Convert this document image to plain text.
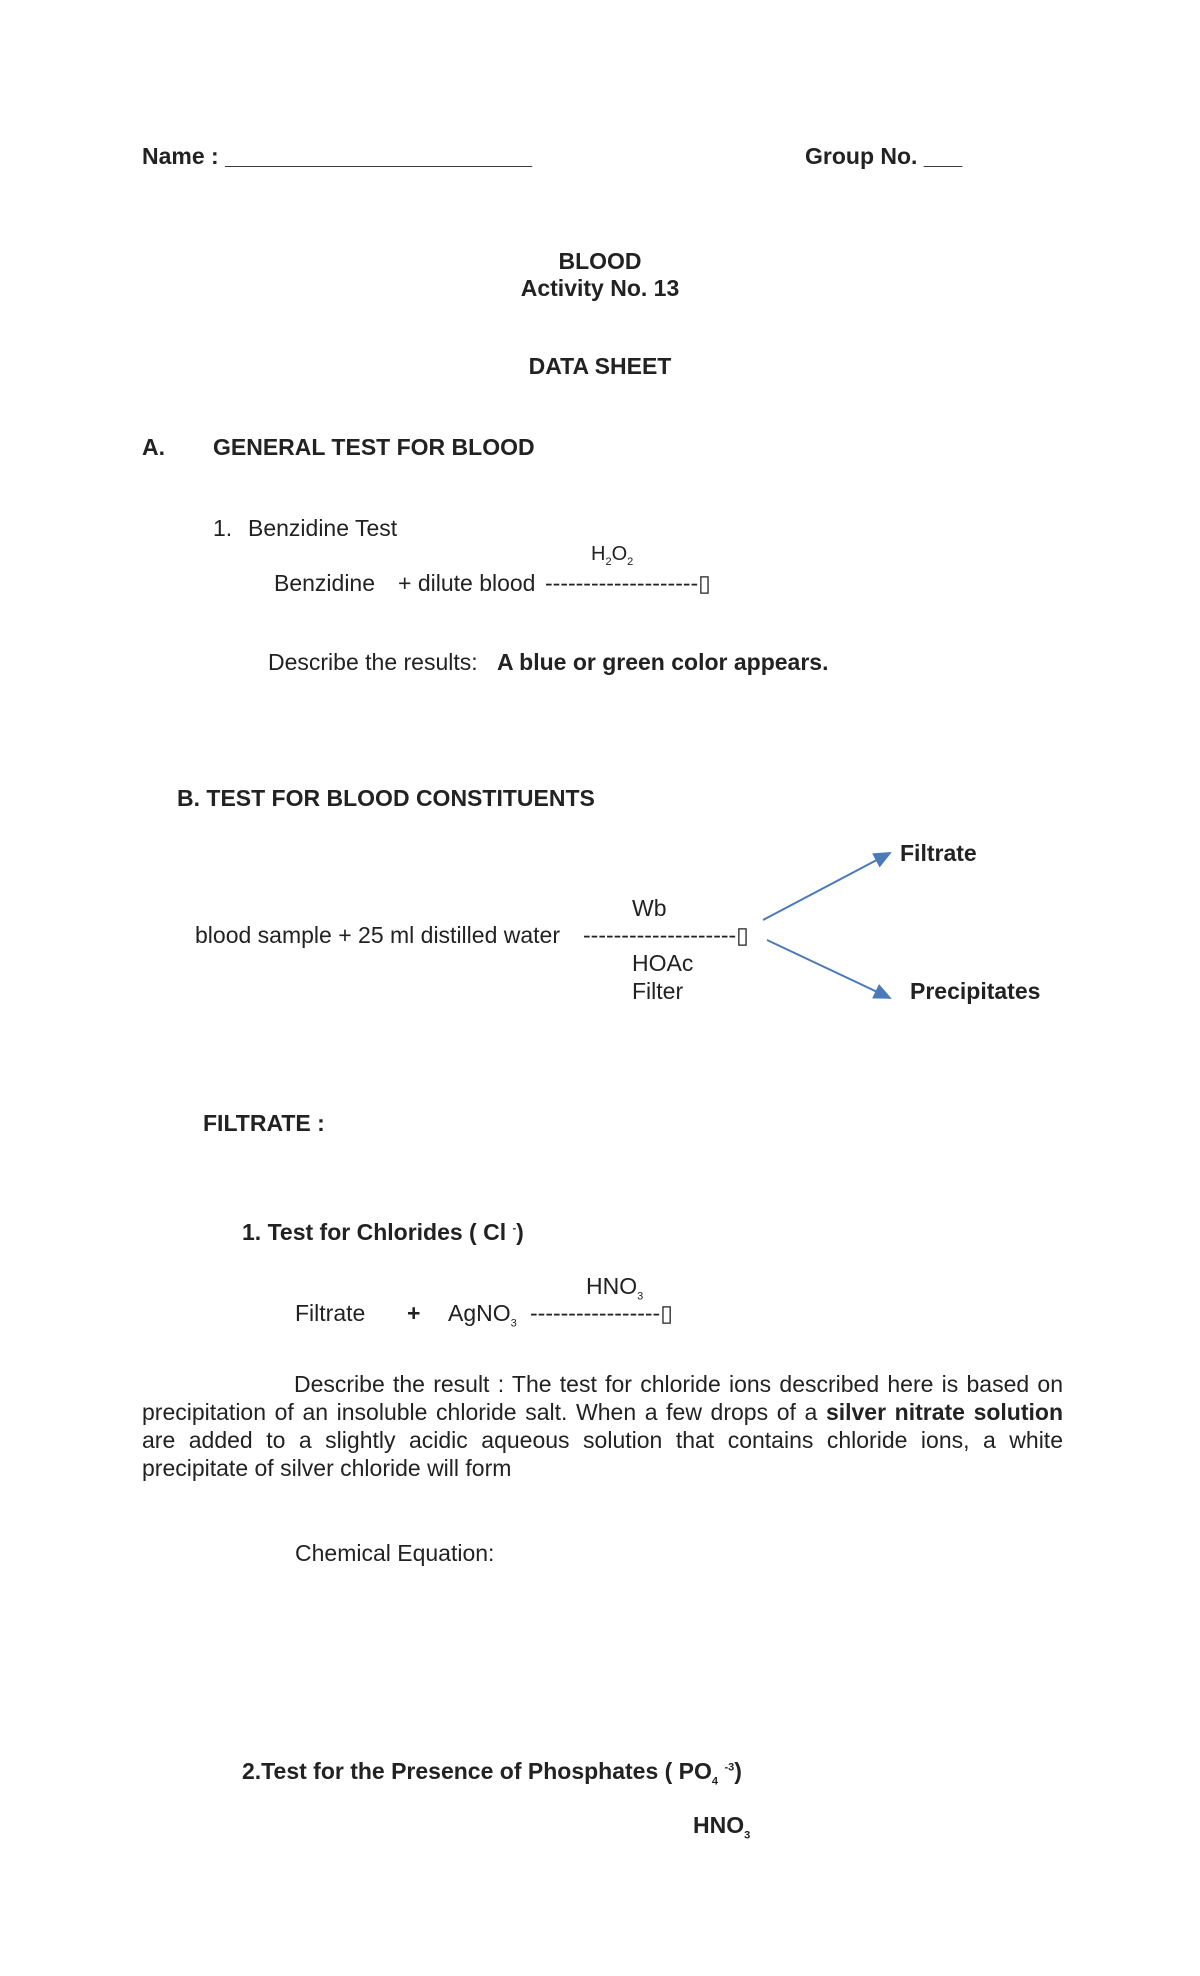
Name : ________________________	Group No. ___
BLOOD
Activity No. 13
DATA SHEET
A. GENERAL TEST FOR BLOOD
1. Benzidine Test
$H_2O_2$
Benzidine + dilute blood --------------------▯
Describe the results: A blue or green color appears.
B. TEST FOR BLOOD CONSTITUENTS
Filtrate
Wb
blood sample + 25 ml distilled water --------------------▯
HOAc
Filter	Precipitates
FILTRATE :
1. Test for Chlorides ( Cl -)
$HNO_3$
Filtrate + AgNO$_3$ -----------------▯
Describe the result : The test for chloride ions described here is based on precipitation of an insoluble chloride salt. When a few drops of a silver nitrate solution are added to a slightly acidic aqueous solution that contains chloride ions, a white precipitate of silver chloride will form
Chemical Equation:
2.Test for the Presence of Phosphates ( $PO_4$ $^{-3}$)
$HNO_3$
